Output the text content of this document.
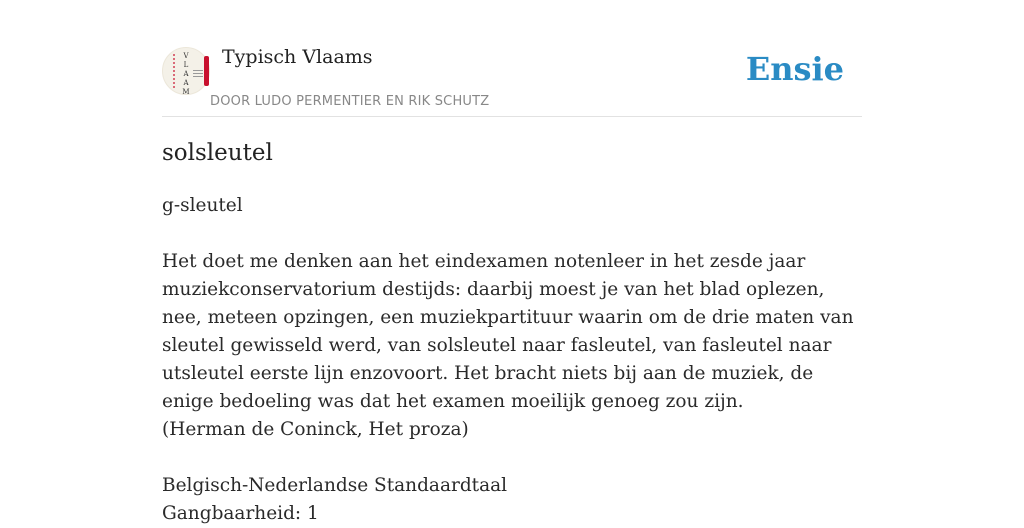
V
L
A
A
M
Typisch Vlaams
DOOR LUDO PERMENTIER EN RIK SCHUTZ
Ensie
solsleutel

g-sleutel

Het doet me denken aan het eindexamen notenleer in het zesde jaar muziekconservatorium destijds: daarbij moest je van het blad oplezen, nee, meteen opzingen, een muziekpartituur waarin om de drie maten van sleutel gewisseld werd, van solsleutel naar fasleutel, van fasleutel naar utsleutel eerste lijn enzovoort. Het bracht niets bij aan de muziek, de enige bedoeling was dat het examen moeilijk genoeg zou zijn.

(Herman de Coninck, Het proza)

Belgisch-Nederlandse Standaardtaal

Gangbaarheid: 1
